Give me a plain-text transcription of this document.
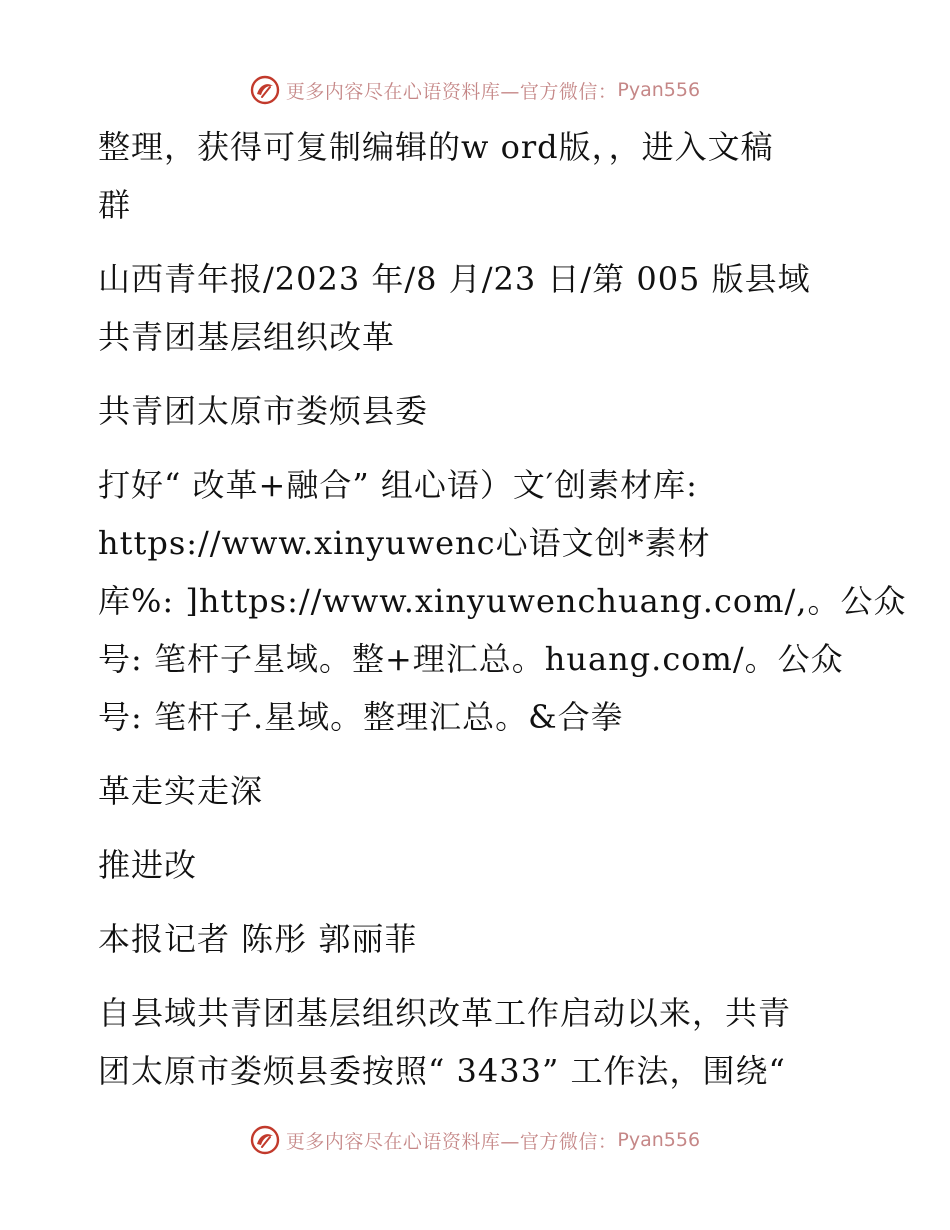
更多内容尽在心语资料库—官方微信： Pyan556
整理，获得可复制编辑的w ord版，，进入文稿
群
山西青年报/2023 年/8 月/23 日/第 005 版县域
共青团基层组织改革
共青团太原市娄烦县委
打好“ 改革+融合” 组心语）文′创素材库:
https://www.xinyuwenc心语文创*素材
库%: ]https://www.xinyuwenchuang.com/,。公众
号: 笔杆子星域。整+理汇总。huang.com/。公众
号: 笔杆子.星域。整理汇总。&合拳
革走实走深
推进改
本报记者 陈彤 郭丽菲
自县域共青团基层组织改革工作启动以来，共青
团太原市娄烦县委按照“ 3433” 工作法，围绕“
更多内容尽在心语资料库—官方微信： Pyan556
